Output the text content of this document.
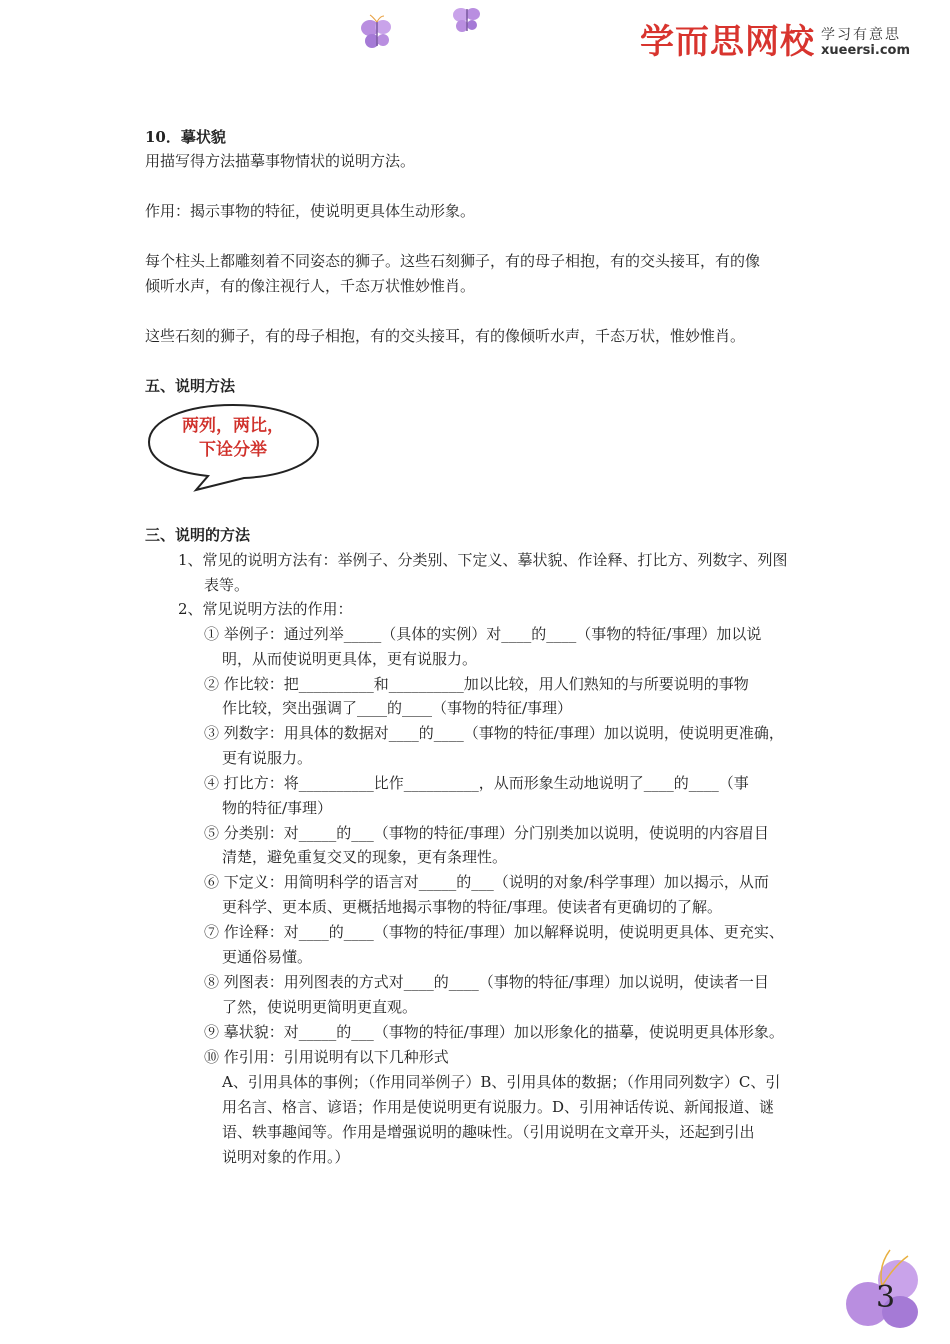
学而思网校 学习有意思
xueersi.com
10．摹状貌
用描写得方法描摹事物情状的说明方法。
作用：揭示事物的特征，使说明更具体生动形象。
每个柱头上都雕刻着不同姿态的狮子。这些石刻狮子，有的母子相抱，有的交头接耳，有的像
倾听水声，有的像注视行人，千态万状惟妙惟肖。
这些石刻的狮子，有的母子相抱，有的交头接耳，有的像倾听水声，千态万状，惟妙惟肖。
五、说明方法
两列，两比，
下诠分举
三、说明的方法
1、常见的说明方法有：举例子、分类别、下定义、摹状貌、作诠释、打比方、列数字、列图
表等。
2、常见说明方法的作用：
① 举例子：通过列举_____（具体的实例）对____的____（事物的特征/事理）加以说
明，从而使说明更具体，更有说服力。
② 作比较：把__________和__________加以比较，用人们熟知的与所要说明的事物
作比较，突出强调了____的____（事物的特征/事理）
③ 列数字：用具体的数据对____的____（事物的特征/事理）加以说明，使说明更准确，
更有说服力。
④ 打比方：将__________比作__________，从而形象生动地说明了____的____（事
物的特征/事理）
⑤ 分类别：对_____的___（事物的特征/事理）分门别类加以说明，使说明的内容眉目
清楚，避免重复交叉的现象，更有条理性。
⑥ 下定义：用简明科学的语言对_____的___（说明的对象/科学事理）加以揭示，从而
更科学、更本质、更概括地揭示事物的特征/事理。使读者有更确切的了解。
⑦ 作诠释：对____的____（事物的特征/事理）加以解释说明，使说明更具体、更充实、
更通俗易懂。
⑧ 列图表：用列图表的方式对____的____（事物的特征/事理）加以说明，使读者一目
了然，使说明更简明更直观。
⑨ 摹状貌：对_____的___（事物的特征/事理）加以形象化的描摹，使说明更具体形象。
⑩ 作引用：引用说明有以下几种形式
A、引用具体的事例；（作用同举例子）B、引用具体的数据；（作用同列数字）C、引
用名言、格言、谚语；作用是使说明更有说服力。D、引用神话传说、新闻报道、谜
语、轶事趣闻等。作用是增强说明的趣味性。（引用说明在文章开头，还起到引出
说明对象的作用。）
3
